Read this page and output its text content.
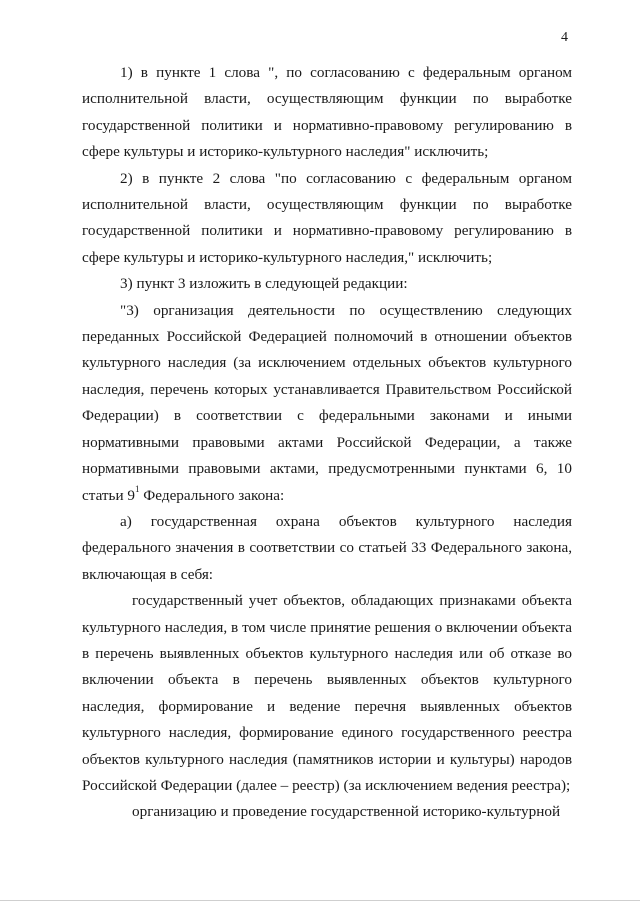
4

1) в пункте 1 слова ", по согласованию с федеральным органом исполнительной власти, осуществляющим функции по выработке государственной политики и нормативно-правовому регулированию в сфере культуры и историко-культурного наследия" исключить;

2) в пункте 2 слова "по согласованию с федеральным органом исполнительной власти, осуществляющим функции по выработке государственной политики и нормативно-правовому регулированию в сфере культуры и историко-культурного наследия," исключить;

3) пункт 3 изложить в следующей редакции:

"3) организация деятельности по осуществлению следующих переданных Российской Федерацией полномочий в отношении объектов культурного наследия (за исключением отдельных объектов культурного наследия, перечень которых устанавливается Правительством Российской Федерации) в соответствии с федеральными законами и иными нормативными правовыми актами Российской Федерации, а также нормативными правовыми актами, предусмотренными пунктами 6, 10 статьи $9^1$ Федерального закона:

а) государственная охрана объектов культурного наследия федерального значения в соответствии со статьей 33 Федерального закона, включающая в себя:

государственный учет объектов, обладающих признаками объекта культурного наследия, в том числе принятие решения о включении объекта в перечень выявленных объектов культурного наследия или об отказе во включении объекта в перечень выявленных объектов культурного наследия, формирование и ведение перечня выявленных объектов культурного наследия, формирование единого государственного реестра объектов культурного наследия (памятников истории и культуры) народов Российской Федерации (далее – реестр) (за исключением ведения реестра);

организацию и проведение государственной историко-культурной
